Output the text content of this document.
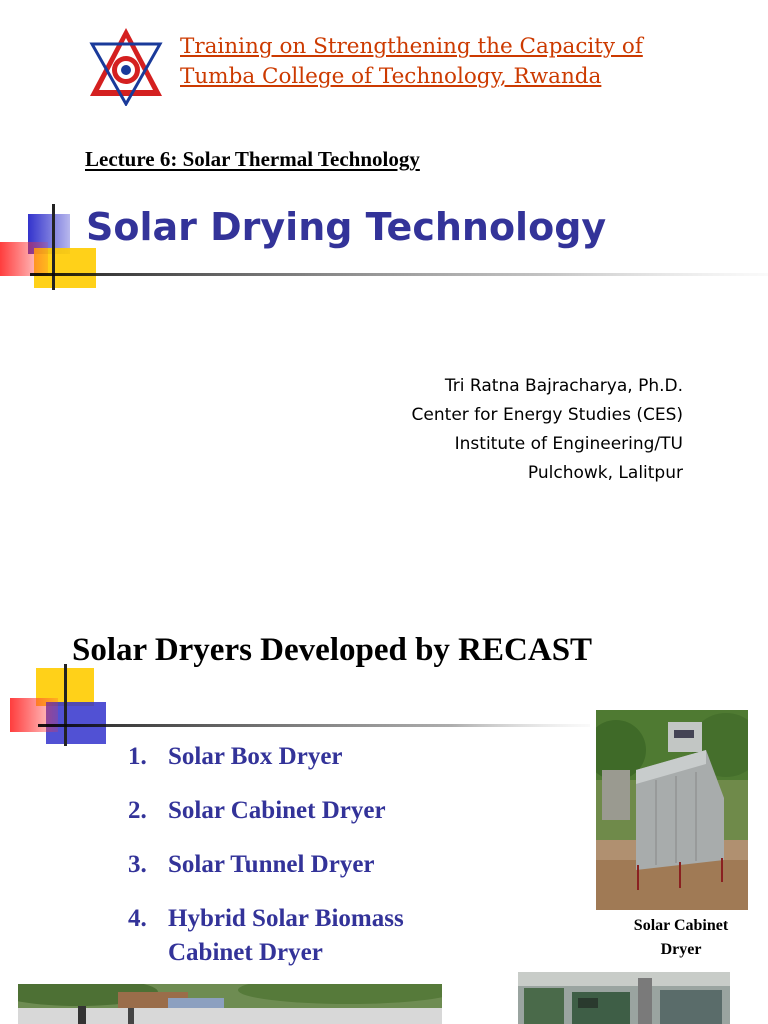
Training on Strengthening the Capacity of
Tumba College of Technology, Rwanda
Lecture 6: Solar Thermal Technology
Solar Drying Technology
Tri Ratna Bajracharya, Ph.D.
Center for Energy Studies (CES)
Institute of Engineering/TU
Pulchowk, Lalitpur
Solar Dryers Developed by RECAST
1. Solar Box Dryer
2. Solar Cabinet Dryer
3. Solar Tunnel Dryer
4. Hybrid Solar Biomass Cabinet Dryer
Solar Cabinet
Dryer
